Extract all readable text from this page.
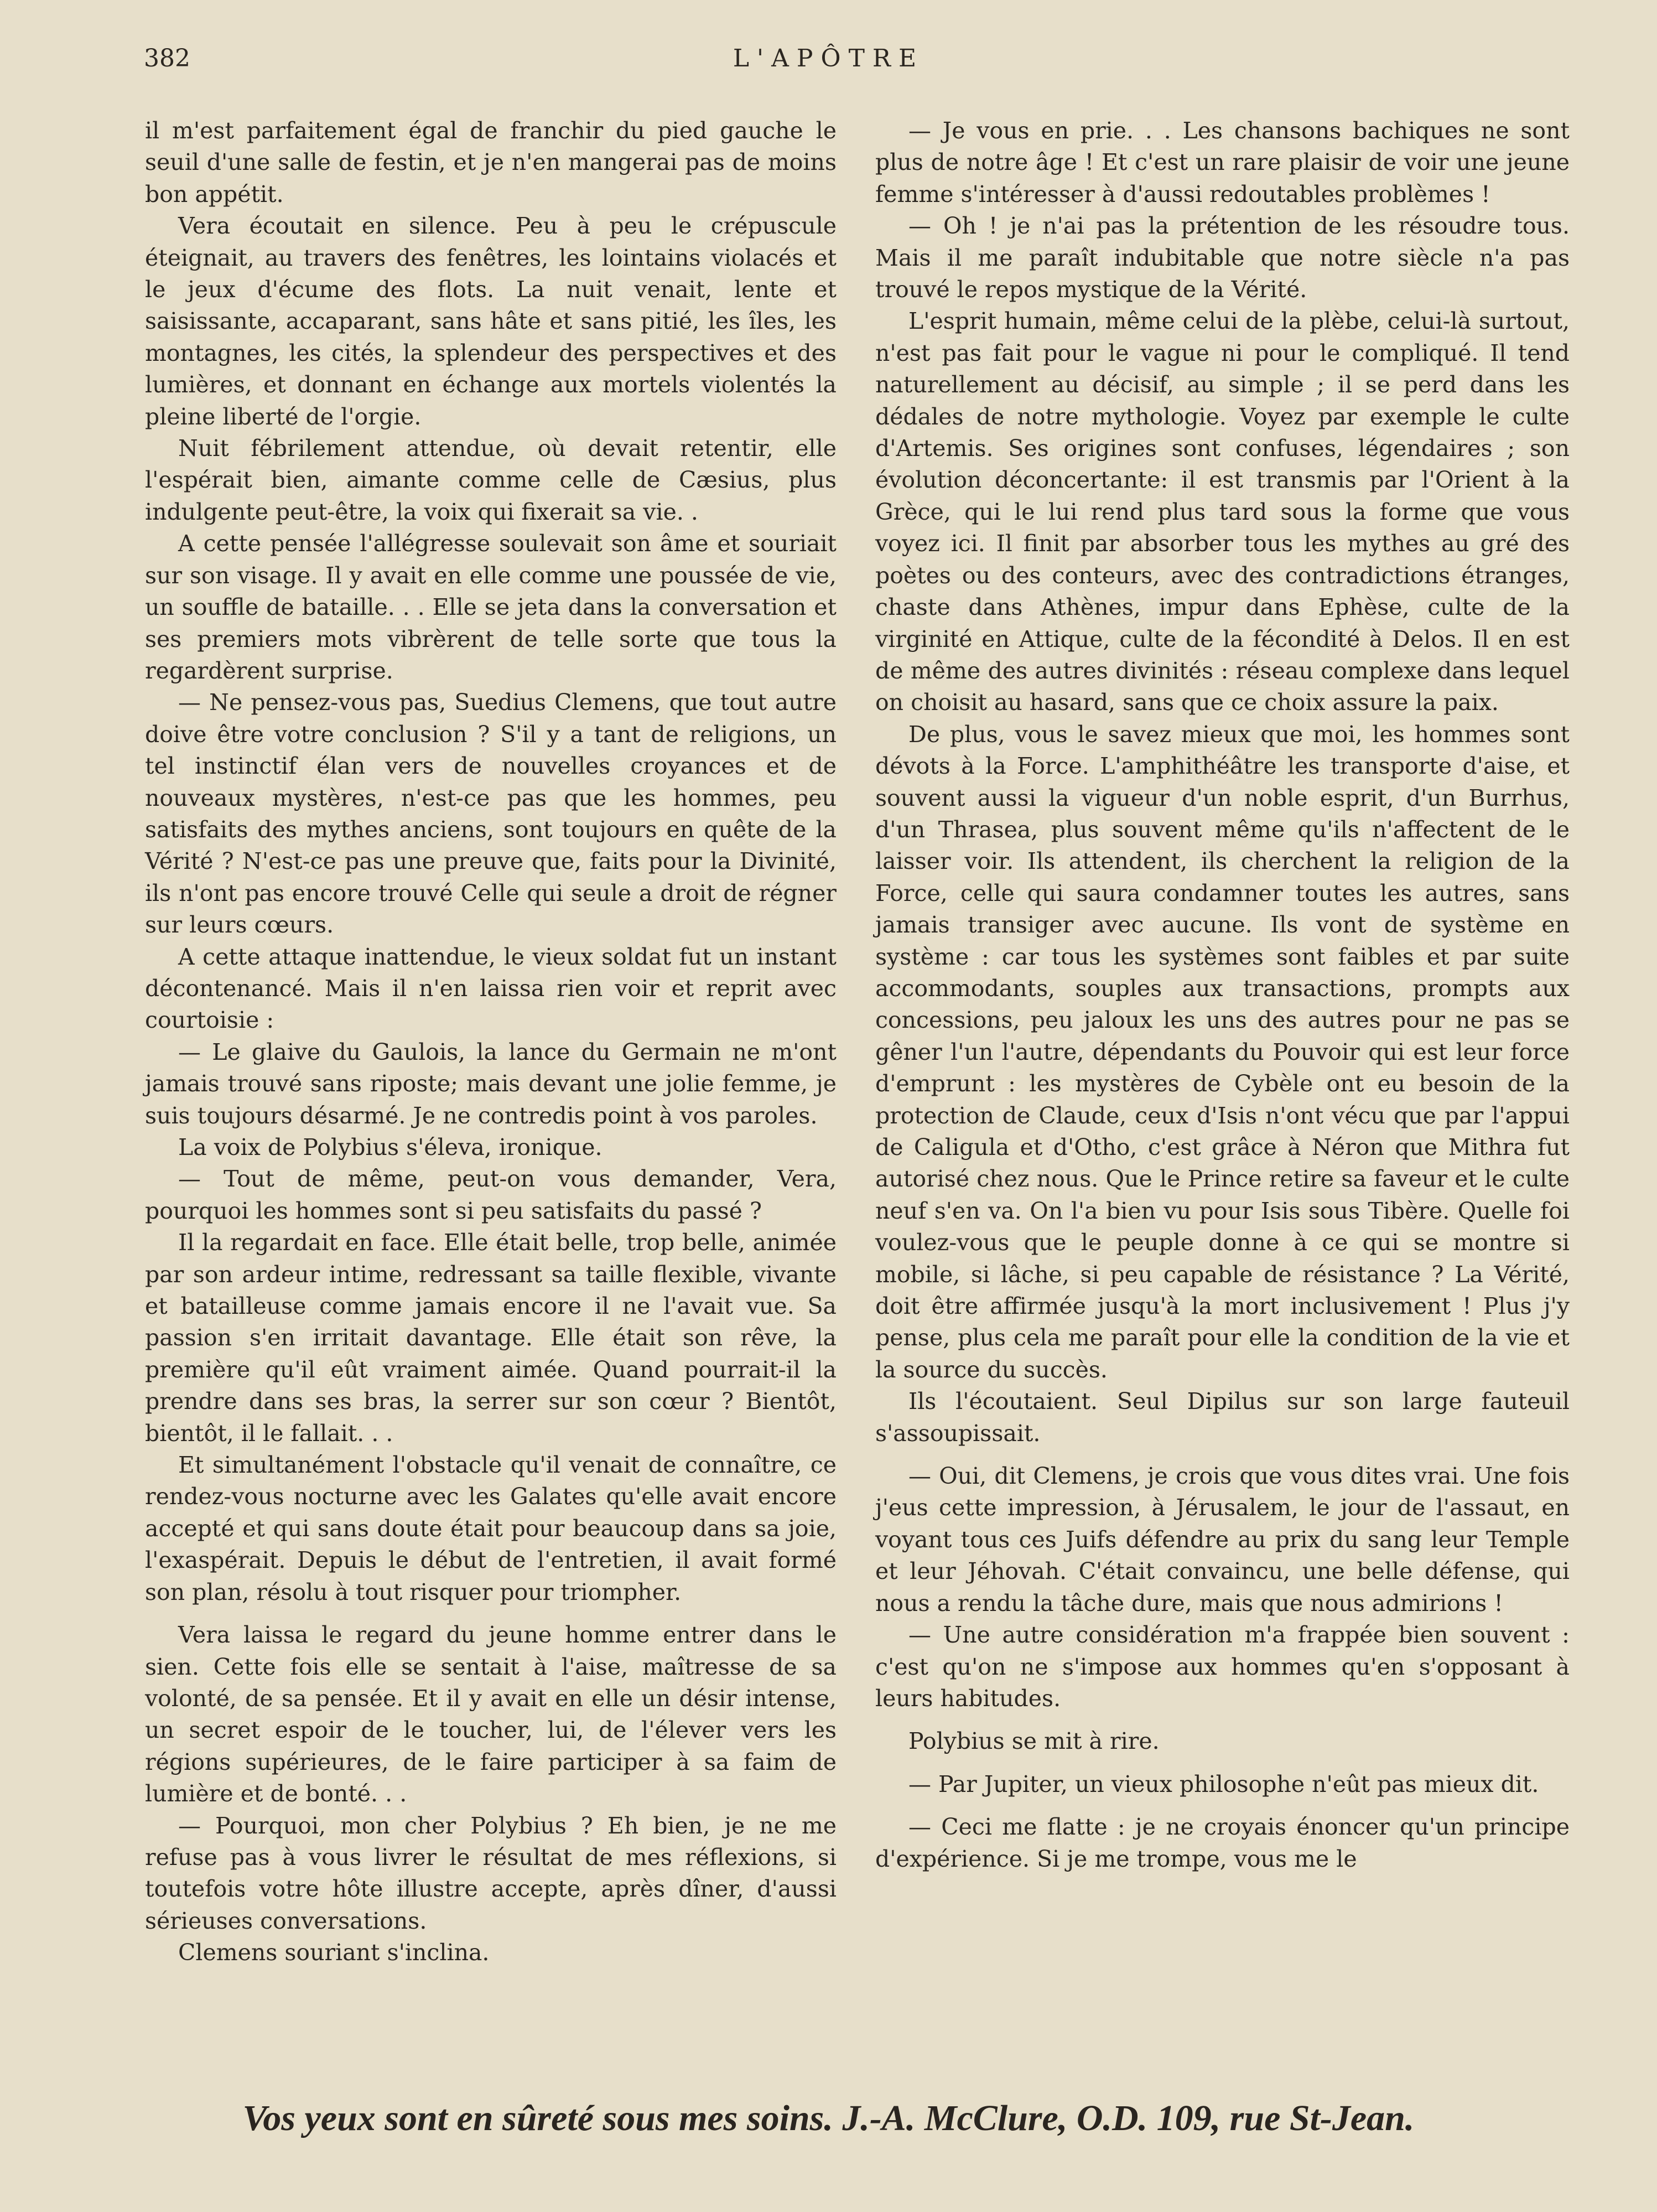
382	L'APÔTRE

il m'est parfaitement égal de franchir du pied gauche le seuil d'une salle de festin, et je n'en mangerai pas de moins bon appétit.

Vera écoutait en silence. Peu à peu le crépuscule éteignait, au travers des fenêtres, les lointains violacés et le jeux d'écume des flots. La nuit venait, lente et saisissante, accaparant, sans hâte et sans pitié, les îles, les montagnes, les cités, la splendeur des perspectives et des lumières, et donnant en échange aux mortels violentés la pleine liberté de l'orgie.

Nuit fébrilement attendue, où devait retentir, elle l'espérait bien, aimante comme celle de Cæsius, plus indulgente peut-être, la voix qui fixerait sa vie. .

A cette pensée l'allégresse soulevait son âme et souriait sur son visage. Il y avait en elle comme une poussée de vie, un souffle de bataille. . . Elle se jeta dans la conversation et ses premiers mots vibrèrent de telle sorte que tous la regardèrent surprise.

— Ne pensez-vous pas, Suedius Clemens, que tout autre doive être votre conclusion ? S'il y a tant de religions, un tel instinctif élan vers de nouvelles croyances et de nouveaux mystères, n'est-ce pas que les hommes, peu satisfaits des mythes anciens, sont toujours en quête de la Vérité ? N'est-ce pas une preuve que, faits pour la Divinité, ils n'ont pas encore trouvé Celle qui seule a droit de régner sur leurs cœurs.

A cette attaque inattendue, le vieux soldat fut un instant décontenancé. Mais il n'en laissa rien voir et reprit avec courtoisie :

— Le glaive du Gaulois, la lance du Germain ne m'ont jamais trouvé sans riposte; mais devant une jolie femme, je suis toujours désarmé. Je ne contredis point à vos paroles.

La voix de Polybius s'éleva, ironique.

— Tout de même, peut-on vous demander, Vera, pourquoi les hommes sont si peu satisfaits du passé ?

Il la regardait en face. Elle était belle, trop belle, animée par son ardeur intime, redressant sa taille flexible, vivante et batailleuse comme jamais encore il ne l'avait vue. Sa passion s'en irritait davantage. Elle était son rêve, la première qu'il eût vraiment aimée. Quand pourrait-il la prendre dans ses bras, la serrer sur son cœur ? Bientôt, bientôt, il le fallait. . .

Et simultanément l'obstacle qu'il venait de connaître, ce rendez-vous nocturne avec les Galates qu'elle avait encore accepté et qui sans doute était pour beaucoup dans sa joie, l'exaspérait. Depuis le début de l'entretien, il avait formé son plan, résolu à tout risquer pour triompher.

Vera laissa le regard du jeune homme entrer dans le sien. Cette fois elle se sentait à l'aise, maîtresse de sa volonté, de sa pensée. Et il y avait en elle un désir intense, un secret espoir de le toucher, lui, de l'élever vers les régions supérieures, de le faire participer à sa faim de lumière et de bonté. . .

— Pourquoi, mon cher Polybius ? Eh bien, je ne me refuse pas à vous livrer le résultat de mes réflexions, si toutefois votre hôte illustre accepte, après dîner, d'aussi sérieuses conversations.

Clemens souriant s'inclina.

— Je vous en prie. . . Les chansons bachiques ne sont plus de notre âge ! Et c'est un rare plaisir de voir une jeune femme s'intéresser à d'aussi redoutables problèmes !

— Oh ! je n'ai pas la prétention de les résoudre tous. Mais il me paraît indubitable que notre siècle n'a pas trouvé le repos mystique de la Vérité.

L'esprit humain, même celui de la plèbe, celui-là surtout, n'est pas fait pour le vague ni pour le compliqué. Il tend naturellement au décisif, au simple ; il se perd dans les dédales de notre mythologie. Voyez par exemple le culte d'Artemis. Ses origines sont confuses, légendaires ; son évolution déconcertante: il est transmis par l'Orient à la Grèce, qui le lui rend plus tard sous la forme que vous voyez ici. Il finit par absorber tous les mythes au gré des poètes ou des conteurs, avec des contradictions étranges, chaste dans Athènes, impur dans Ephèse, culte de la virginité en Attique, culte de la fécondité à Delos. Il en est de même des autres divinités : réseau complexe dans lequel on choisit au hasard, sans que ce choix assure la paix.

De plus, vous le savez mieux que moi, les hommes sont dévots à la Force. L'amphithéâtre les transporte d'aise, et souvent aussi la vigueur d'un noble esprit, d'un Burrhus, d'un Thrasea, plus souvent même qu'ils n'affectent de le laisser voir. Ils attendent, ils cherchent la religion de la Force, celle qui saura condamner toutes les autres, sans jamais transiger avec aucune. Ils vont de système en système : car tous les systèmes sont faibles et par suite accommodants, souples aux transactions, prompts aux concessions, peu jaloux les uns des autres pour ne pas se gêner l'un l'autre, dépendants du Pouvoir qui est leur force d'emprunt : les mystères de Cybèle ont eu besoin de la protection de Claude, ceux d'Isis n'ont vécu que par l'appui de Caligula et d'Otho, c'est grâce à Néron que Mithra fut autorisé chez nous. Que le Prince retire sa faveur et le culte neuf s'en va. On l'a bien vu pour Isis sous Tibère. Quelle foi voulez-vous que le peuple donne à ce qui se montre si mobile, si lâche, si peu capable de résistance ? La Vérité, doit être affirmée jusqu'à la mort inclusivement ! Plus j'y pense, plus cela me paraît pour elle la condition de la vie et la source du succès.

Ils l'écoutaient. Seul Dipilus sur son large fauteuil s'assoupissait.

— Oui, dit Clemens, je crois que vous dites vrai. Une fois j'eus cette impression, à Jérusalem, le jour de l'assaut, en voyant tous ces Juifs défendre au prix du sang leur Temple et leur Jéhovah. C'était convaincu, une belle défense, qui nous a rendu la tâche dure, mais que nous admirions !

— Une autre considération m'a frappée bien souvent : c'est qu'on ne s'impose aux hommes qu'en s'opposant à leurs habitudes.

Polybius se mit à rire.

— Par Jupiter, un vieux philosophe n'eût pas mieux dit.

— Ceci me flatte : je ne croyais énoncer qu'un principe d'expérience. Si je me trompe, vous me le

Vos yeux sont en sûreté sous mes soins. J.-A. McClure, O.D. 109, rue St-Jean.
